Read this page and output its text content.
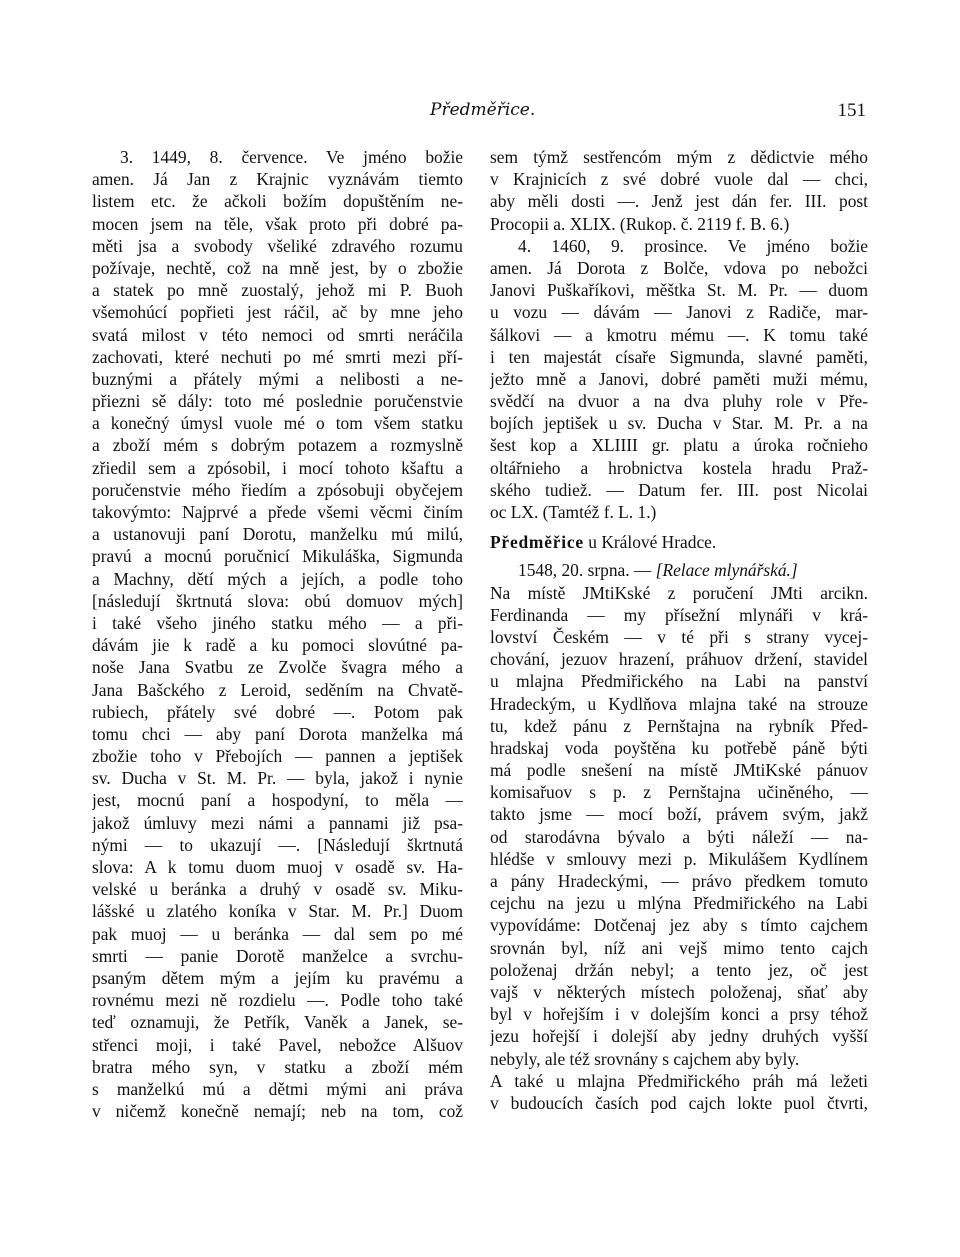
Předměřice.	151
3. 1449, 8. července. Ve jméno božie
amen. Já Jan z Krajnic vyznávám tiemto
listem etc. že ačkoli božím dopuštěním ne-
mocen jsem na těle, však proto při dobré pa-
měti jsa a svobody všeliké zdravého rozumu
požívaje, nechtě, což na mně jest, by o zbožie
a statek po mně zuostalý, jehož mi P. Buoh
všemohúcí popřieti jest ráčil, ač by mne jeho
svatá milost v této nemoci od smrti neráčila
zachovati, které nechuti po mé smrti mezi pří-
buznými a přátely mými a nelibosti a ne-
přiezni sě dály: toto mé poslednie poručenstvie
a konečný úmysl vuole mé o tom všem statku
a zboží mém s dobrým potazem a rozmyslně
zřiedil sem a zpósobil, i mocí tohoto kšaftu a
poručenstvie mého řiedím a zpósobuji obyčejem
takovýmto: Najprvé a přede všemi věcmi činím
a ustanovuji paní Dorotu, manželku mú milú,
pravú a mocnú poručnicí Mikuláška, Sigmunda
a Machny, dětí mých a jejích, a podle toho
[následují škrtnutá slova: obú domuov mých]
i také všeho jiného statku mého — a při-
dávám jie k radě a ku pomoci slovútné pa-
noše Jana Svatbu ze Zvolče švagra mého a
Jana Bašckého z Leroid, seděním na Chvatě-
rubiech, přátely své dobré —. Potom pak
tomu chci — aby paní Dorota manželka má
zbožie toho v Přebojích — pannen a jeptišek
sv. Ducha v St. M. Pr. — byla, jakož i nynie
jest, mocnú paní a hospodyní, to měla —
jakož úmluvy mezi námi a pannami již psa-
nými — to ukazují —. [Následují škrtnutá
slova: A k tomu duom muoj v osadě sv. Ha-
velské u beránka a druhý v osadě sv. Miku-
lášské u zlatého koníka v Star. M. Pr.] Duom
pak muoj — u beránka — dal sem po mé
smrti — panie Dorotě manželce a svrchu-
psaným dětem mým a jejím ku pravému a
rovnému mezi ně rozdielu —. Podle toho také
teď oznamuji, že Petřík, Vaněk a Janek, se-
střenci moji, i také Pavel, nebožce Alšuov
bratra mého syn, v statku a zboží mém
s manželkú mú a dětmi mými ani práva
v ničemž konečně nemají; neb na tom, což
sem týmž sestřencóm mým z dědictvie mého
v Krajnicích z své dobré vuole dal — chci,
aby měli dosti —. Jenž jest dán fer. III. post
Procopii a. XLIX. (Rukop. č. 2119 f. B. 6.)
4. 1460, 9. prosince. Ve jméno božie
amen. Já Dorota z Bolče, vdova po nebožci
Janovi Puškaříkovi, měštka St. M. Pr. — duom
u vozu — dávám — Janovi z Radiče, mar-
šálkovi — a kmotru mému —. K tomu také
i ten majestát císaře Sigmunda, slavné paměti,
ježto mně a Janovi, dobré paměti muži mému,
svědčí na dvuor a na dva pluhy role v Pře-
bojích jeptišek u sv. Ducha v Star. M. Pr. a na
šest kop a XLIIII gr. platu a úroka ročnieho
oltářnieho a hrobnictva kostela hradu Praž-
ského tudiež. — Datum fer. III. post Nicolai
oc LX. (Tamtéž f. L. 1.)
Předměřice u Králové Hradce.
1548, 20. srpna. — [Relace mlynářská.]
Na místě JMtiKské z poručení JMti arcikn.
Ferdinanda — my přísežní mlynáři v krá-
lovství Českém — v té při s strany vycej-
chování, jezuov hrazení, práhuov držení, stavidel
u mlajna Předmiřického na Labi na panství
Hradeckým, u Kydlňova mlajna také na strouze
tu, kdež pánu z Pernštajna na rybník Před-
hradskaj voda poуštěna ku potřebě páně býti
má podle snešení na místě JMtiKské pánuov
komisařuov s p. z Pernštajna učiněného, —
takto jsme — mocí boží, právem svým, jakž
od starodávna bývalo a býti náleží — na-
hlédše v smlouvy mezi p. Mikulášem Kydlínem
a pány Hradeckými, — právo předkem tomuto
cejchu na jezu u mlýna Předmiřického na Labi
vypovídáme: Dotčenaj jez aby s tímto cajchem
srovnán byl, níž ani vejš mimo tento cajch
položenaj držán nebyl; a tento jez, oč jest
vajš v některých místech položenaj, sňať aby
byl v hořejším i v dolejším konci a prsy téhož
jezu hořejší i dolejší aby jedny druhých vyšší
nebyly, ale též srovnány s cajchem aby byly.
A také u mlajna Předmiřického práh má ležeti
v budoucích časích pod cajch lokte puol čtvrti,
